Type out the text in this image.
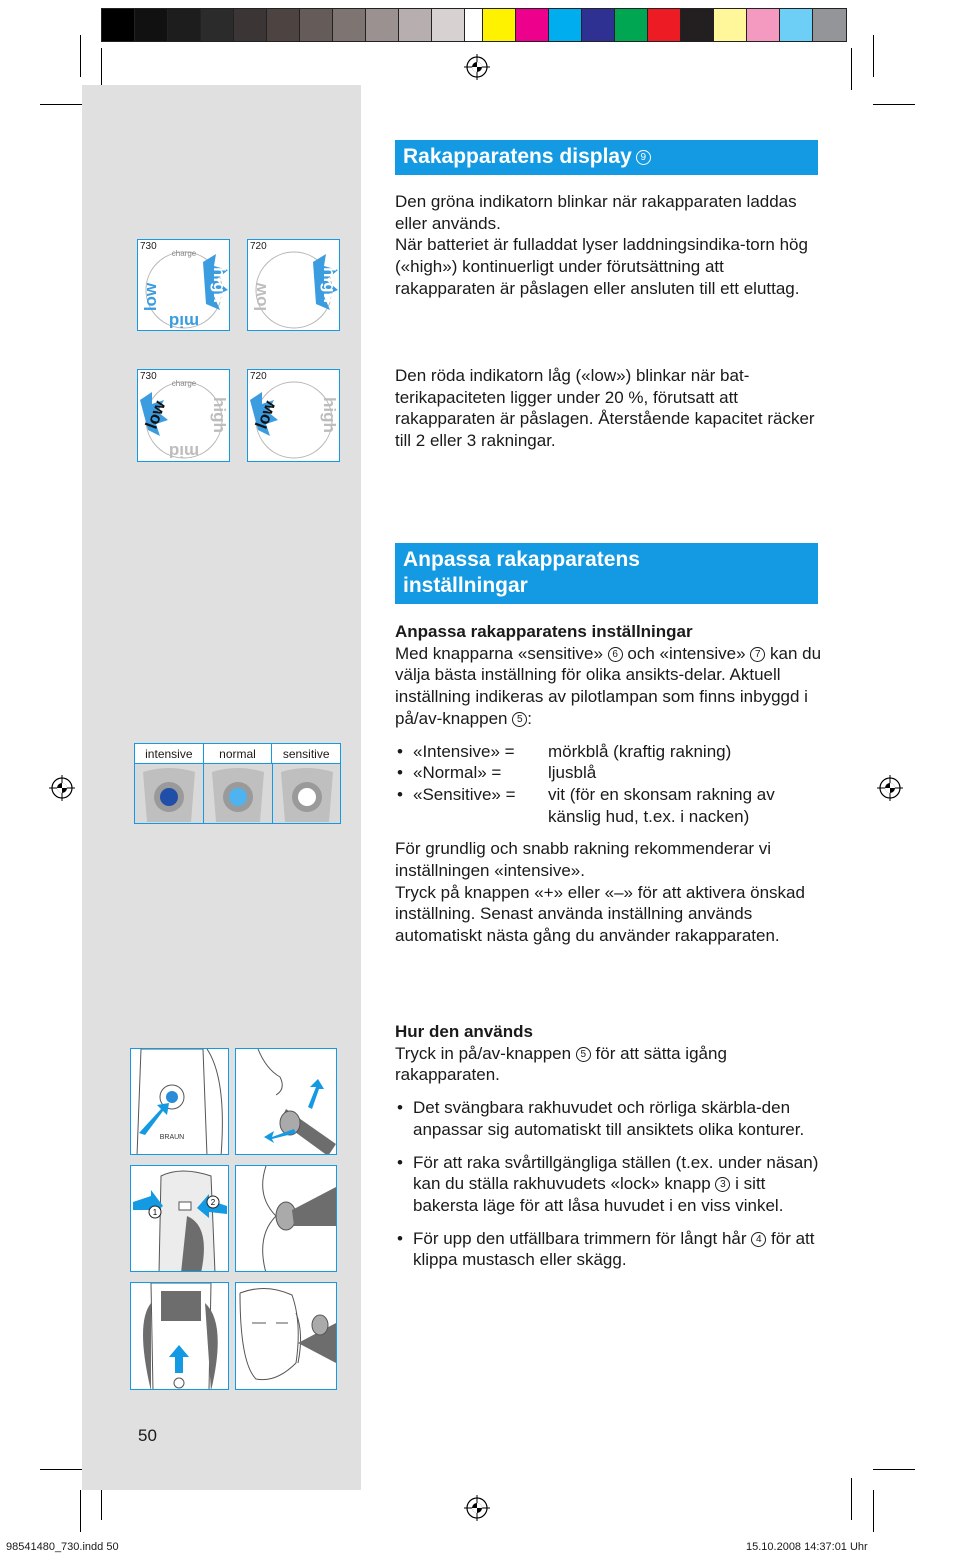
Rakapparatens display 9

Den gröna indikatorn blinkar när rakapparaten laddas eller används.

När batteriet är fulladdat lyser laddningsindika-torn hög («high») kontinuerligt under förutsättning att rakapparaten är påslagen eller ansluten till ett eluttag.

Den röda indikatorn låg («low») blinkar när bat-terikapaciteten ligger under 20 %, förutsatt att rakapparaten är påslagen. Återstående kapacitet räcker till 2 eller 3 rakningar.

charge
low
mid
high
730
low	high
720
charge
low
mid
high
730
low high
720
Anpassa rakapparatens
inställningar

Anpassa rakapparatens inställningar

Med knapparna «sensitive» 6 och «intensive» 7 kan du välja bästa inställning för olika ansikts-delar. Aktuell inställning indikeras av pilotlampan som finns inbyggd i på/av-knappen 5 :

• «Intensive» =	mörkblå (kraftig rakning)
• «Normal» =	ljusblå
• «Sensitive» =	vit (för en skonsam rakning av känslig hud, t.ex. i nacken)

För grundlig och snabb rakning rekommenderar vi inställningen «intensive».

Tryck på knappen «+» eller «–» för att aktivera önskad inställning. Senast använda inställning används automatiskt nästa gång du använder rakapparaten.

intensive	normal	sensitive

Hur den används

Tryck in på/av-knappen 5 för att sätta igång rakapparaten.

• Det svängbara rakhuvudet och rörliga skärbla-den anpassar sig automatiskt till ansiktets olika konturer.

• För att raka svårtillgängliga ställen (t.ex. under näsan) kan du ställa rakhuvudets «lock» knapp 3 i sitt bakersta läge för att låsa huvudet i en viss vinkel.

• För upp den utfällbara trimmern för långt hår 4 för att klippa mustasch eller skägg.

BRAUN
1
2
50
98541480_730.indd 50	15.10.2008 14:37:01 Uhr
